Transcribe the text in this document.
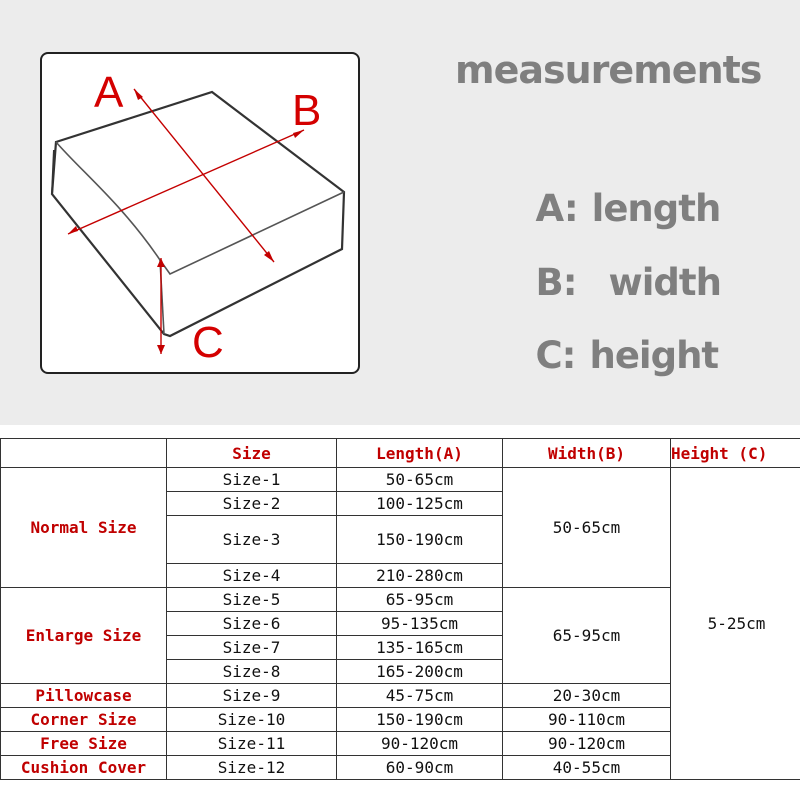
A	B
C
measurements

A: length

B: width

C: height

	Size	Length(A)	Width(B)	Height (C)
Normal Size	Size-1	50-65cm	50-65cm	5-25cm
	Size-2	100-125cm		
	Size-3	150-190cm		
	Size-4	210-280cm		
Enlarge Size	Size-5	65-95cm	65-95cm	
	Size-6	95-135cm		
	Size-7	135-165cm		
	Size-8	165-200cm		
Pillowcase	Size-9	45-75cm	20-30cm	
Corner Size	Size-10	150-190cm	90-110cm	
Free Size	Size-11	90-120cm	90-120cm	
Cushion Cover	Size-12	60-90cm	40-55cm	
